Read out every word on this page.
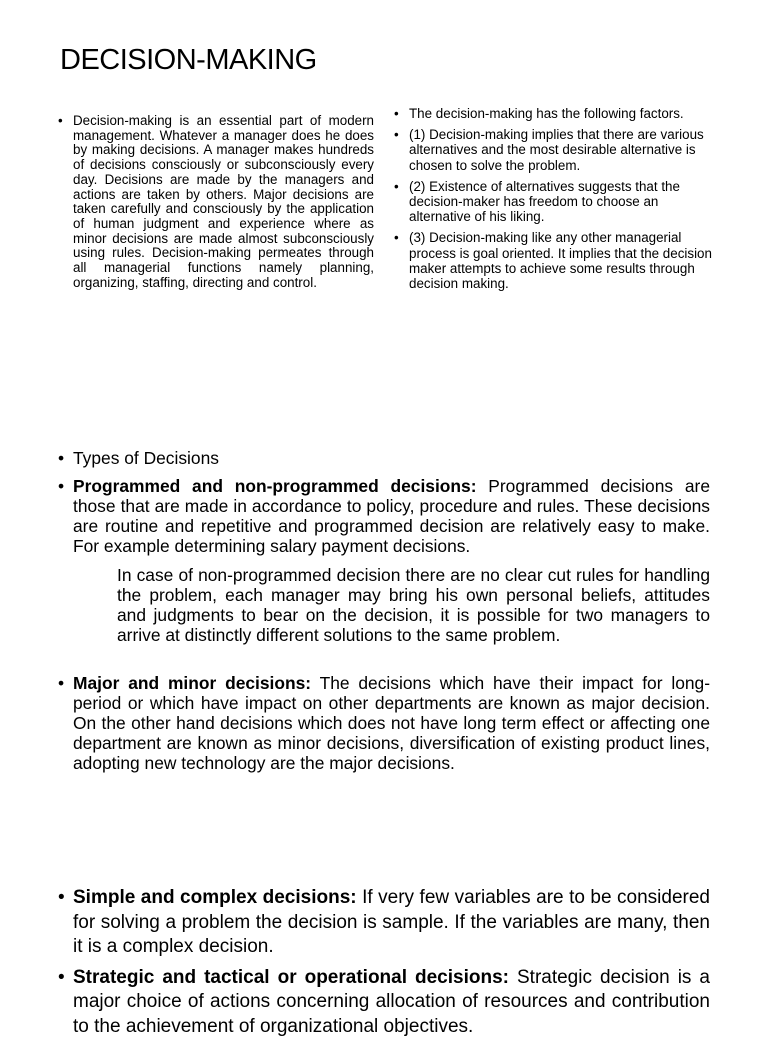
DECISION-MAKING
• Decision-making is an essential part of modern management. Whatever a manager does he does by making decisions. A manager makes hundreds of decisions consciously or subconsciously every day. Decisions are made by the managers and actions are taken by others. Major decisions are taken carefully and consciously by the application of human judgment and experience where as minor decisions are made almost subconsciously using rules. Decision-making permeates through all managerial functions namely planning, organizing, staffing, directing and control.
• The decision-making has the following factors.
• (1) Decision-making implies that there are various alternatives and the most desirable alternative is chosen to solve the problem.
• (2) Existence of alternatives suggests that the decision-maker has freedom to choose an alternative of his liking.
• (3) Decision-making like any other managerial process is goal oriented. It implies that the decision maker attempts to achieve some results through decision making.
• Types of Decisions
• Programmed and non-programmed decisions: Programmed decisions are those that are made in accordance to policy, procedure and rules. These decisions are routine and repetitive and programmed decision are relatively easy to make. For example determining salary payment decisions.
In case of non-programmed decision there are no clear cut rules for handling the problem, each manager may bring his own personal beliefs, attitudes and judgments to bear on the decision, it is possible for two managers to arrive at distinctly different solutions to the same problem.
• Major and minor decisions: The decisions which have their impact for long-period or which have impact on other departments are known as major decision. On the other hand decisions which does not have long term effect or affecting one department are known as minor decisions, diversification of existing product lines, adopting new technology are the major decisions.
• Simple and complex decisions: If very few variables are to be considered for solving a problem the decision is sample. If the variables are many, then it is a complex decision.
• Strategic and tactical or operational decisions: Strategic decision is a major choice of actions concerning allocation of resources and contribution to the achievement of organizational objectives.
